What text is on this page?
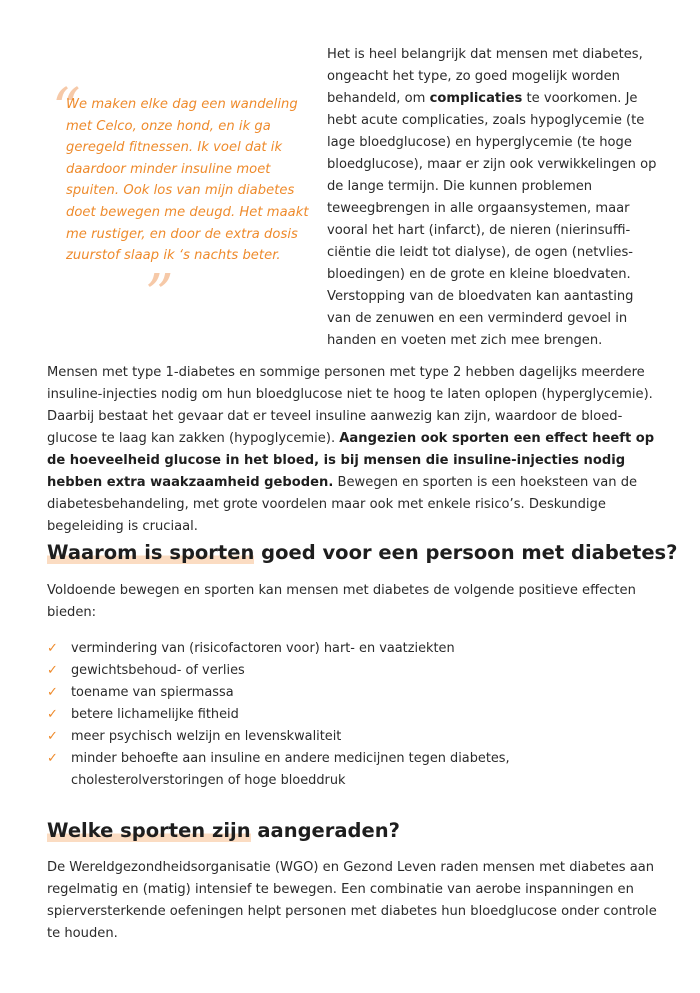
“

We maken elke dag een wandeling met Celco, onze hond, en ik ga geregeld fitnessen. Ik voel dat ik daardoor minder insuline moet spuiten. Ook los van mijn diabetes doet bewegen me deugd. Het maakt me rustiger, en door de extra dosis zuurstof slaap ik ‘s nachts beter.

”

Het is heel belangrijk dat mensen met diabetes, ongeacht het type, zo goed mogelijk worden behandeld, om complicaties te voorkomen. Je hebt acute complicaties, zoals hypoglycemie (te lage bloedglucose) en hyperglycemie (te hoge bloedglucose), maar er zijn ook verwikkelingen op de lange termijn. Die kunnen problemen teweegbrengen in alle orgaansystemen, maar vooral het hart (infarct), de nieren (nierinsufficiëntie die leidt tot dialyse), de ogen (netvliesbloedingen) en de grote en kleine bloedvaten. Verstopping van de bloedvaten kan aantasting van de zenuwen en een verminderd gevoel in handen en voeten met zich mee brengen.

Mensen met type 1-diabetes en sommige personen met type 2 hebben dagelijks meerdere insuline-injecties nodig om hun bloedglucose niet te hoog te laten oplopen (hyperglycemie). Daarbij bestaat het gevaar dat er teveel insuline aanwezig kan zijn, waardoor de bloedglucose te laag kan zakken (hypoglycemie). Aangezien ook sporten een effect heeft op de hoeveelheid glucose in het bloed, is bij mensen die insuline-injecties nodig hebben extra waakzaamheid geboden. Bewegen en sporten is een hoeksteen van de diabetesbehandeling, met grote voordelen maar ook met enkele risico’s. Deskundige begeleiding is cruciaal.

Waarom is sporten goed voor een persoon met diabetes?

Voldoende bewegen en sporten kan mensen met diabetes de volgende positieve effecten bieden:

✓ vermindering van (risicofactoren voor) hart- en vaatziekten
✓ gewichtsbehoud- of verlies
✓ toename van spiermassa
✓ betere lichamelijke fitheid
✓ meer psychisch welzijn en levenskwaliteit
✓ minder behoefte aan insuline en andere medicijnen tegen diabetes, cholesterolverstoringen of hoge bloeddruk
Welke sporten zijn aangeraden?

De Wereldgezondheidsorganisatie (WGO) en Gezond Leven raden mensen met diabetes aan regelmatig en (matig) intensief te bewegen. Een combinatie van aerobe inspanningen en spierversterkende oefeningen helpt personen met diabetes hun bloedglucose onder controle te houden.
